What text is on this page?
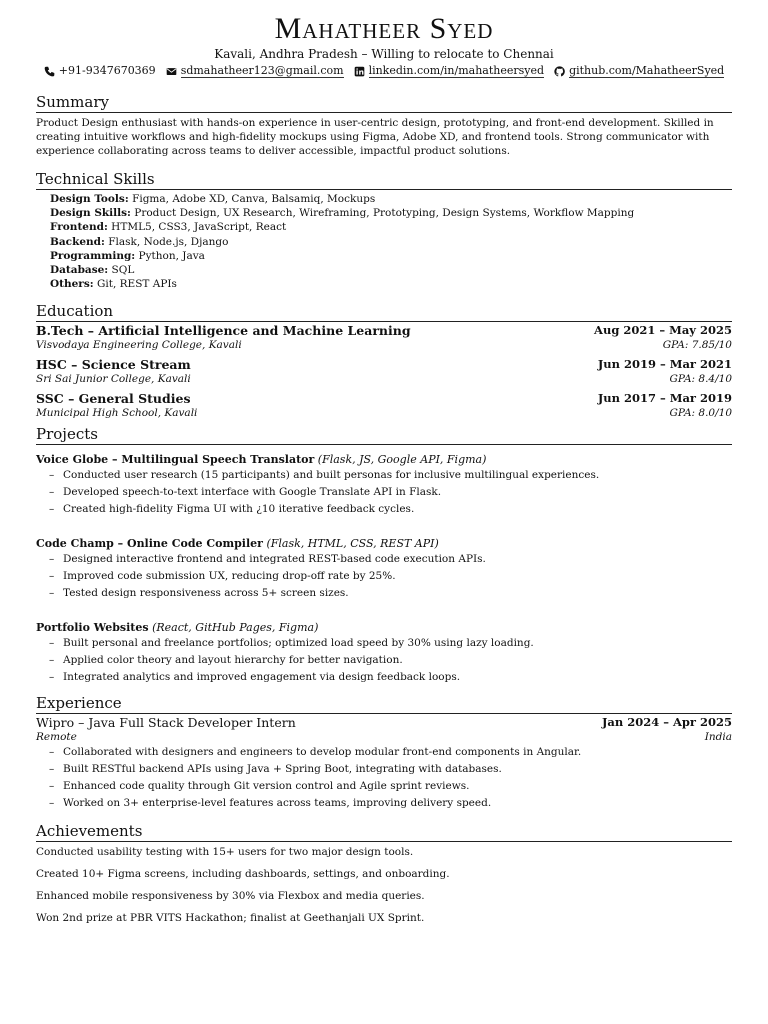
Mahatheer Syed
Kavali, Andhra Pradesh – Willing to relocate to Chennai
+91-9347670369 sdmahatheer123@gmail.com linkedin.com/in/mahatheersyed github.com/MahatheerSyed
Summary
Product Design enthusiast with hands-on experience in user-centric design, prototyping, and front-end development. Skilled in creating intuitive workflows and high-fidelity mockups using Figma, Adobe XD, and frontend tools. Strong communicator with experience collaborating across teams to deliver accessible, impactful product solutions.
Technical Skills
Design Tools: Figma, Adobe XD, Canva, Balsamiq, Mockups
Design Skills: Product Design, UX Research, Wireframing, Prototyping, Design Systems, Workflow Mapping
Frontend: HTML5, CSS3, JavaScript, React
Backend: Flask, Node.js, Django
Programming: Python, Java
Database: SQL
Others: Git, REST APIs
Education
B.Tech – Artificial Intelligence and Machine Learning	Aug 2021 – May 2025
Visvodaya Engineering College, Kavali	GPA: 7.85/10
HSC – Science Stream	Jun 2019 – Mar 2021
Sri Sai Junior College, Kavali	GPA: 8.4/10
SSC – General Studies	Jun 2017 – Mar 2019
Municipal High School, Kavali	GPA: 8.0/10
Projects
Voice Globe – Multilingual Speech Translator (Flask, JS, Google API, Figma)
– Conducted user research (15 participants) and built personas for inclusive multilingual experiences.
– Developed speech-to-text interface with Google Translate API in Flask.
– Created high-fidelity Figma UI with ¿10 iterative feedback cycles.
Code Champ – Online Code Compiler (Flask, HTML, CSS, REST API)
– Designed interactive frontend and integrated REST-based code execution APIs.
– Improved code submission UX, reducing drop-off rate by 25%.
– Tested design responsiveness across 5+ screen sizes.
Portfolio Websites (React, GitHub Pages, Figma)
– Built personal and freelance portfolios; optimized load speed by 30% using lazy loading.
– Applied color theory and layout hierarchy for better navigation.
– Integrated analytics and improved engagement via design feedback loops.
Experience
Wipro – Java Full Stack Developer Intern	Jan 2024 – Apr 2025
Remote	India
– Collaborated with designers and engineers to develop modular front-end components in Angular.
– Built RESTful backend APIs using Java + Spring Boot, integrating with databases.
– Enhanced code quality through Git version control and Agile sprint reviews.
– Worked on 3+ enterprise-level features across teams, improving delivery speed.
Achievements
Conducted usability testing with 15+ users for two major design tools.
Created 10+ Figma screens, including dashboards, settings, and onboarding.
Enhanced mobile responsiveness by 30% via Flexbox and media queries.
Won 2nd prize at PBR VITS Hackathon; finalist at Geethanjali UX Sprint.
